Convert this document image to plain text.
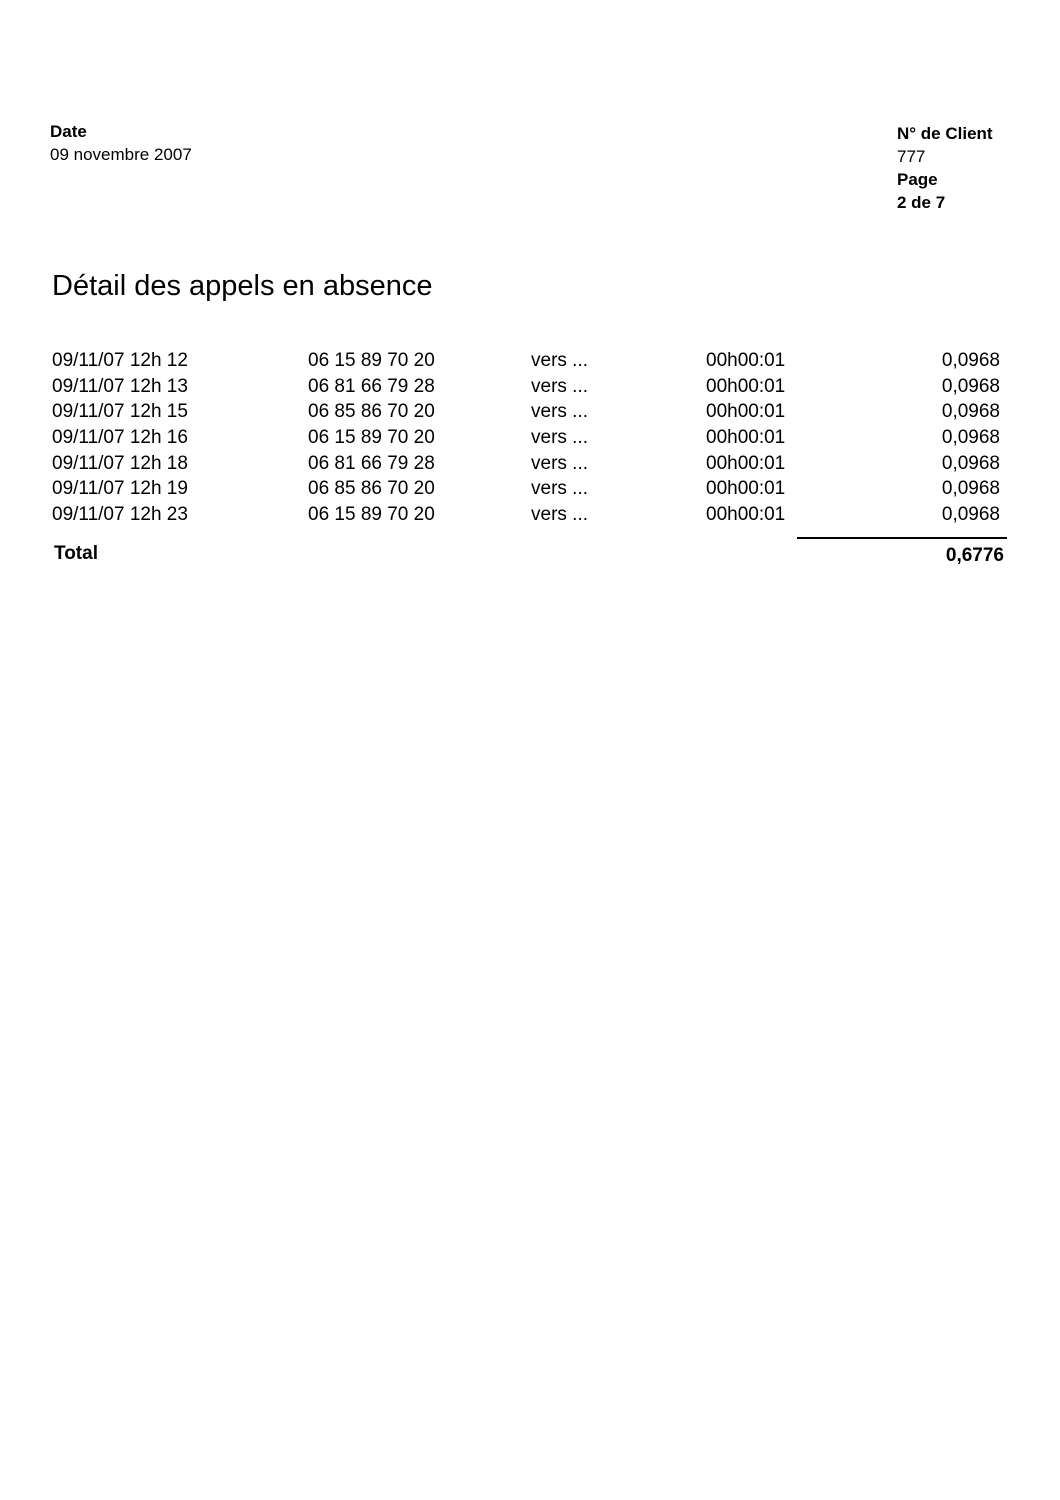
Date
09 novembre 2007
N° de Client
777
Page
2 de 7
Détail des appels en absence
09/11/07 12h 12	06 15 89 70 20	vers ...	00h00:01	0,0968
09/11/07 12h 13	06 81 66 79 28	vers ...	00h00:01	0,0968
09/11/07 12h 15	06 85 86 70 20	vers ...	00h00:01	0,0968
09/11/07 12h 16	06 15 89 70 20	vers ...	00h00:01	0,0968
09/11/07 12h 18	06 81 66 79 28	vers ...	00h00:01	0,0968
09/11/07 12h 19	06 85 86 70 20	vers ...	00h00:01	0,0968
09/11/07 12h 23	06 15 89 70 20	vers ...	00h00:01	0,0968
Total	0,6776
